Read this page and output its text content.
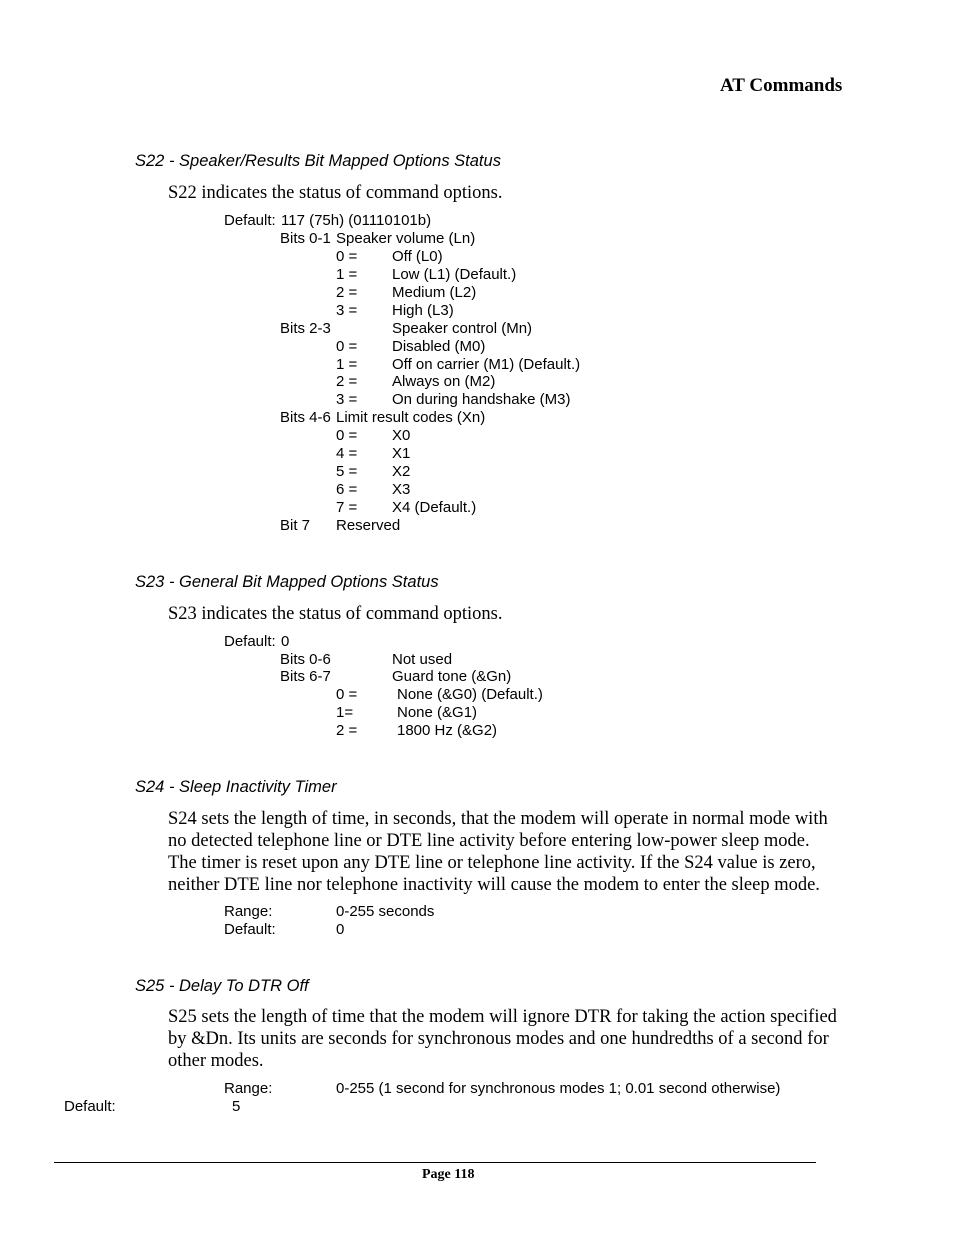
AT Commands
S22 - Speaker/Results Bit Mapped Options Status
S22 indicates the status of command options.
Default: 117 (75h) (01110101b)
Bits 0-1 Speaker volume (Ln)
0 = Off (L0)
1 = Low (L1) (Default.)
2 = Medium (L2)
3 = High (L3)
Bits 2-3	Speaker control (Mn)
0 = Disabled (M0)
1 = Off on carrier (M1) (Default.)
2 = Always on (M2)
3 = On during handshake (M3)
Bits 4-6 Limit result codes (Xn)
0 = X0
4 = X1
5 = X2
6 = X3
7 = X4 (Default.)
Bit 7 Reserved
S23 - General Bit Mapped Options Status
S23 indicates the status of command options.
Default: 0
Bits 0-6	Not used
Bits 6-7	Guard tone (&Gn)
0 =	None (&G0) (Default.)
1=	None (&G1)
2 =	1800 Hz (&G2)
S24 - Sleep Inactivity Timer
S24 sets the length of time, in seconds, that the modem will operate in normal mode with no detected telephone line or DTE line activity before entering low-power sleep mode. The timer is reset upon any DTE line or telephone line activity. If the S24 value is zero, neither DTE line nor telephone inactivity will cause the modem to enter the sleep mode.
Range:	0-255 seconds
Default:	0
S25 - Delay To DTR Off
S25 sets the length of time that the modem will ignore DTR for taking the action specified by &Dn. Its units are seconds for synchronous modes and one hundredths of a second for other modes.
Range:	0-255 (1 second for synchronous modes 1; 0.01 second otherwise)
Default:	5
Page 118
